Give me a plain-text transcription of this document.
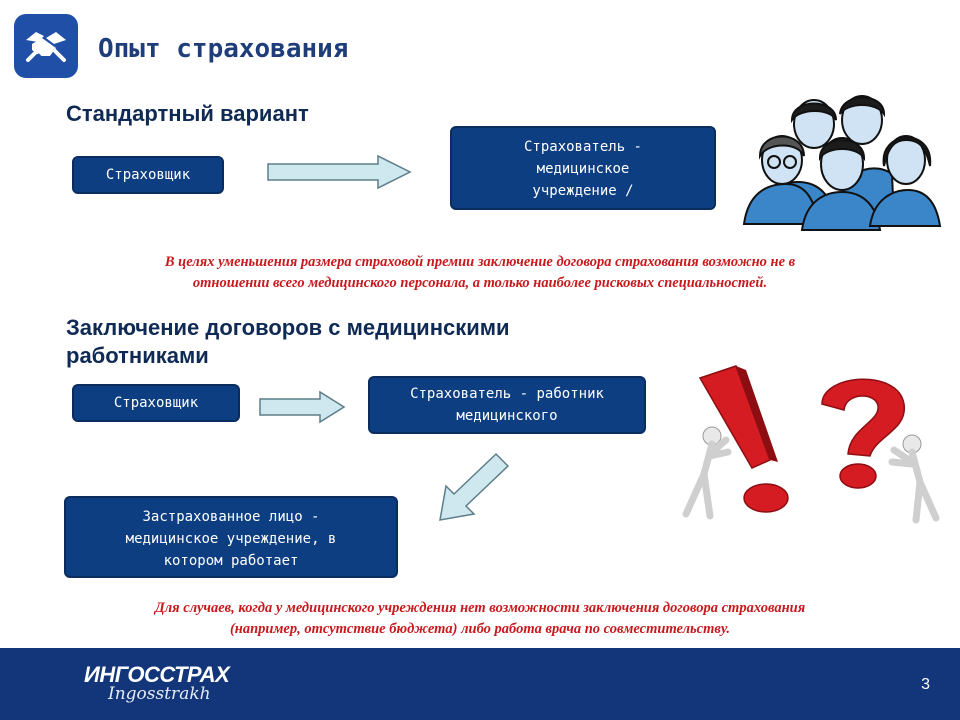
Опыт страхования
Стандартный вариант
Страховщик
Страхователь -
медицинское
учреждение /
...
В целях уменьшения размера страховой премии заключение договора страхования возможно не в
отношении всего медицинского персонала, а только наиболее рисковых специальностей.
Заключение договоров с медицинскими
работниками
Страховщик
Страхователь - работник
медицинского
Застрахованное лицо -
медицинское учреждение, в
котором работает
...
Для случаев, когда у медицинского учреждения нет возможности заключения договора страхования
(например, отсутствие бюджета) либо работа врача по совместительству.
ИНГОССТРАХ
Ingosstrakh	3
